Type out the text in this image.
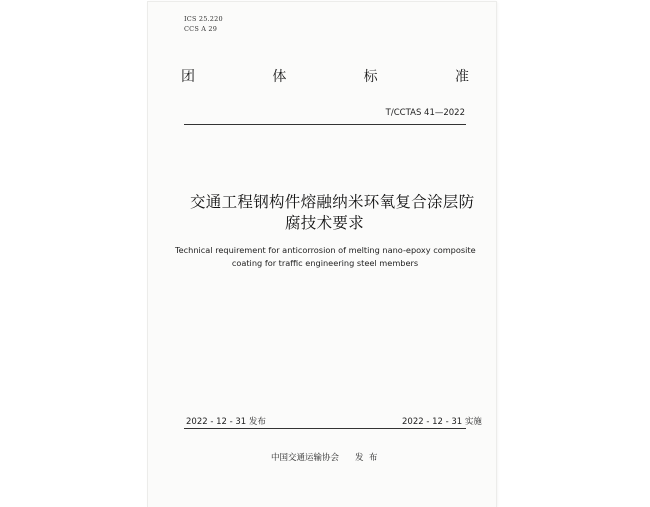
ICS 25.220
CCS A 29
团	体	标	准
T/CCTAS 41—2022
交通工程钢构件熔融纳米环氧复合涂层防
腐技术要求
Technical requirement for anticorrosion of melting nano-epoxy composite
coating for traffic engineering steel members
2022 - 12 - 31 发布	2022 - 12 - 31 实施
中国交通运输协会 发  布
